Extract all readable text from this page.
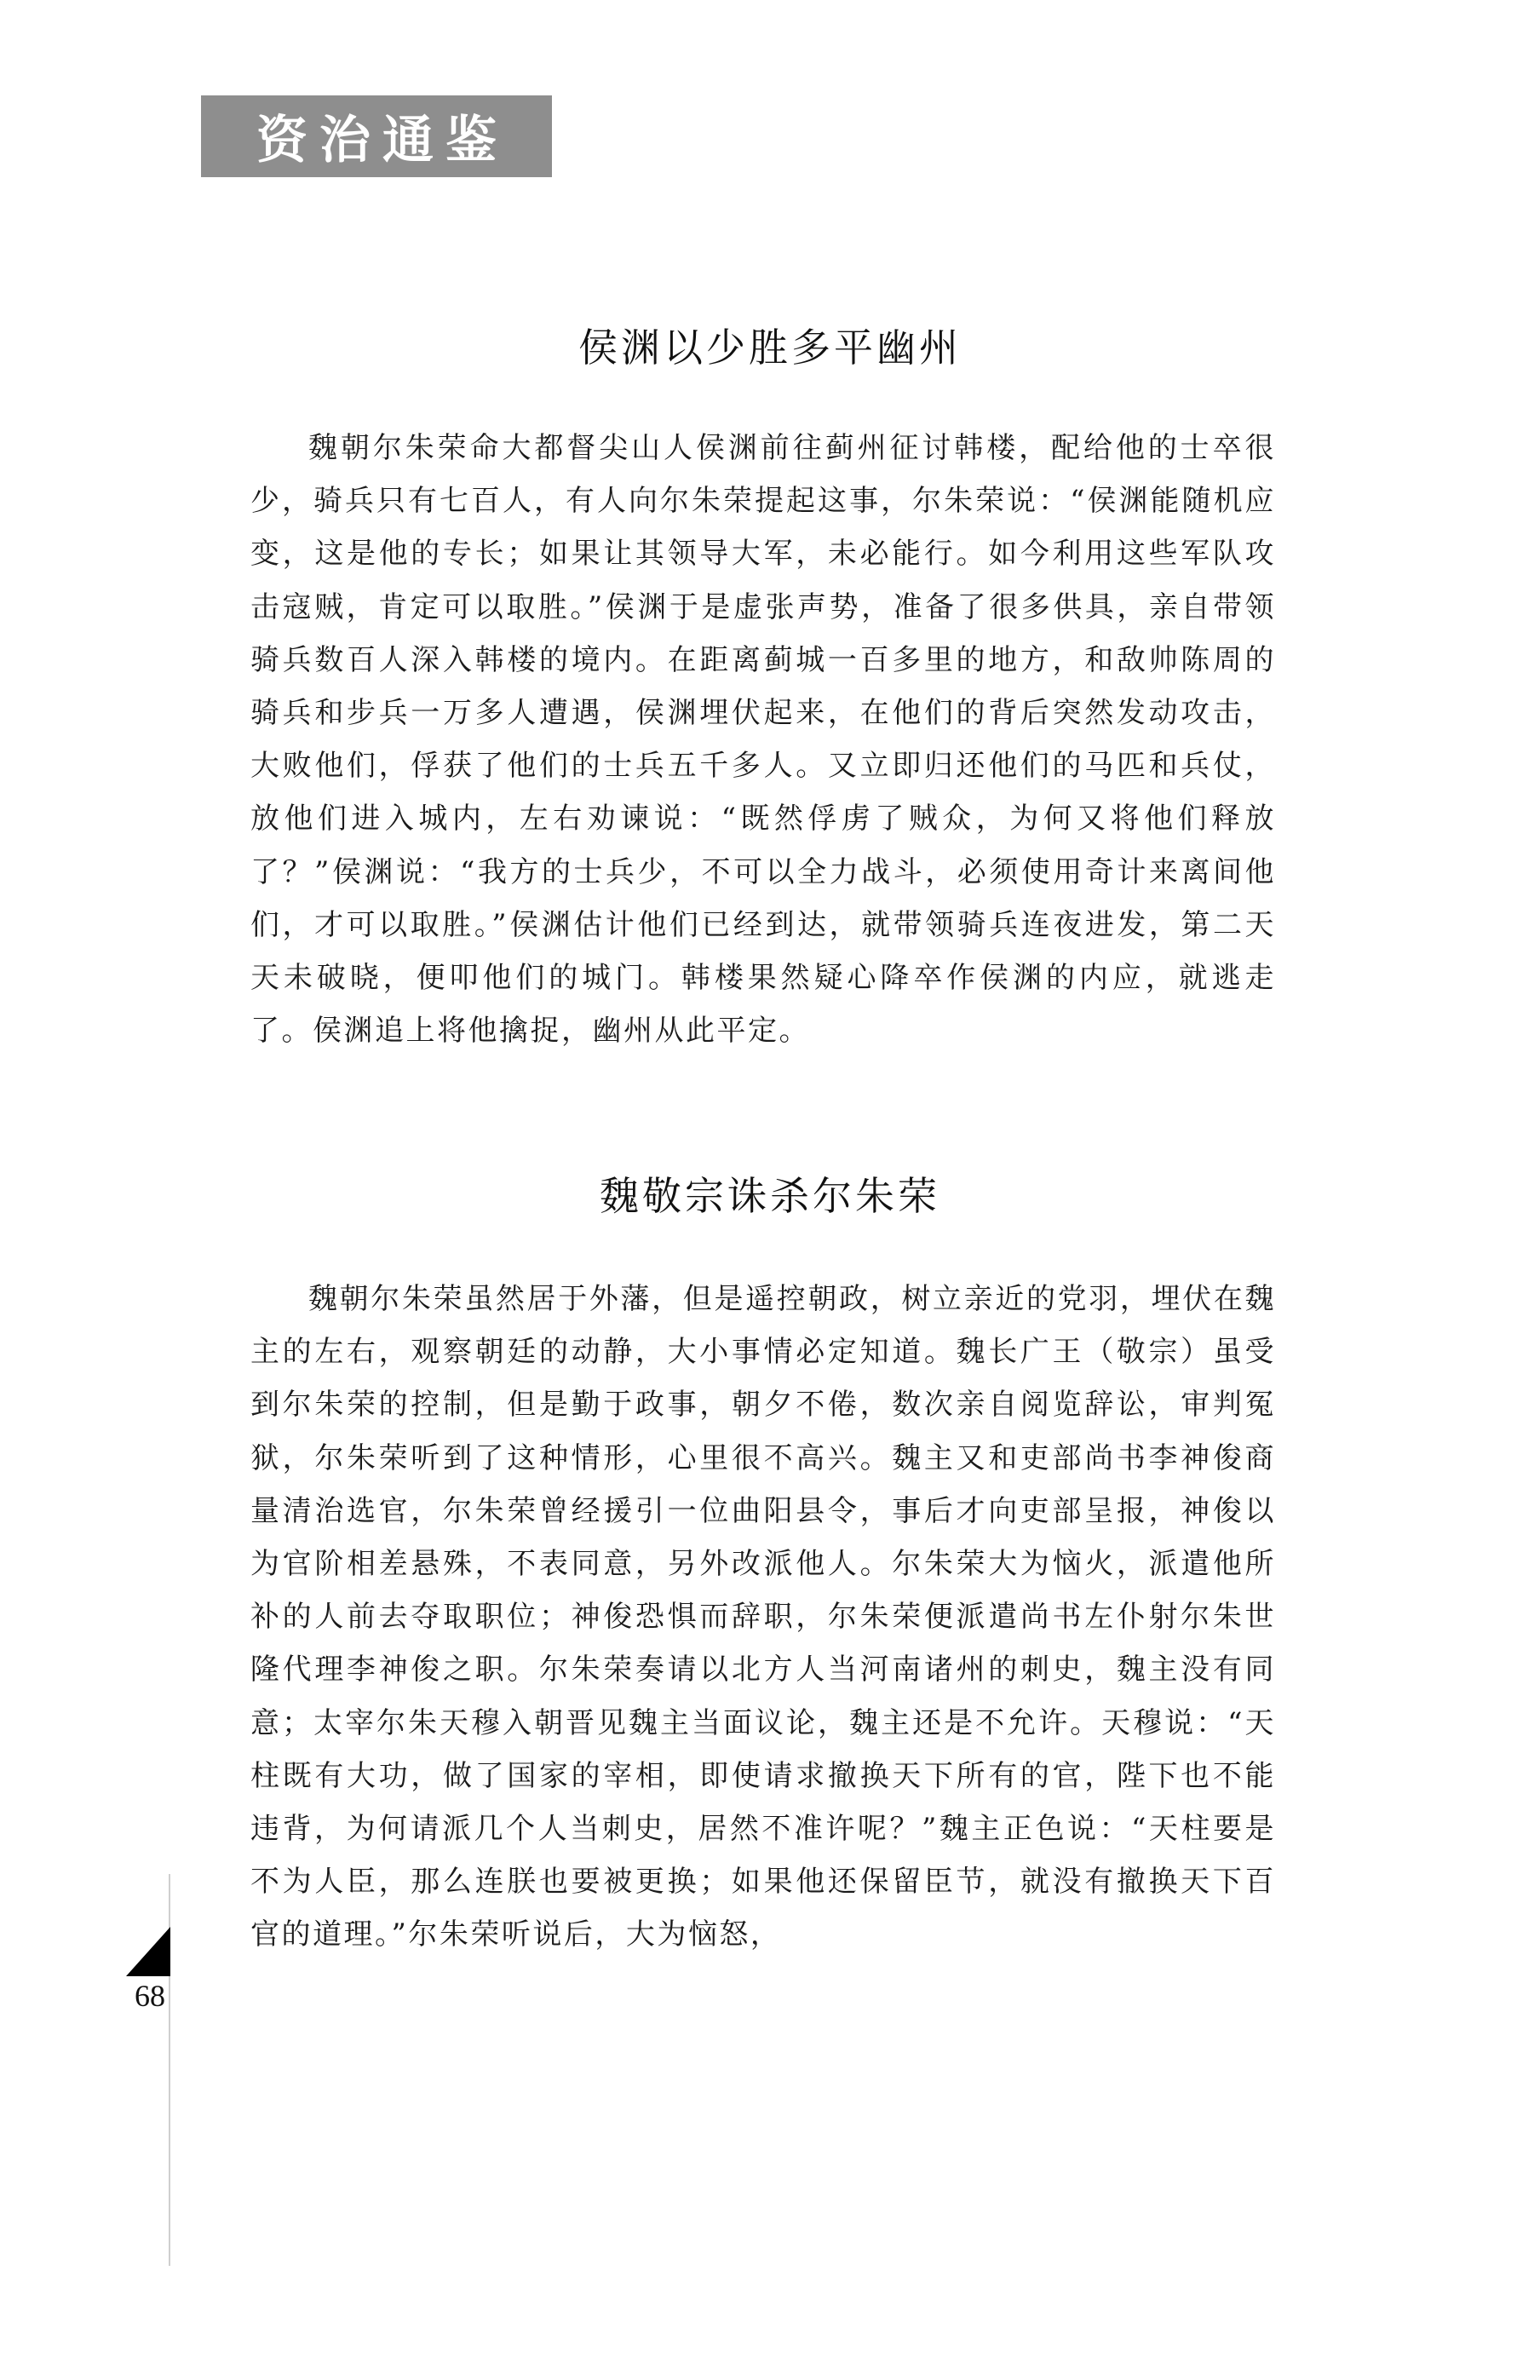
资治通鉴
侯渊以少胜多平幽州

魏朝尔朱荣命大都督尖山人侯渊前往蓟州征讨韩楼，配给他的士卒很少，骑兵只有七百人，有人向尔朱荣提起这事，尔朱荣说：“侯渊能随机应变，这是他的专长；如果让其领导大军，未必能行。如今利用这些军队攻击寇贼，肯定可以取胜。”侯渊于是虚张声势，准备了很多供具，亲自带领骑兵数百人深入韩楼的境内。在距离蓟城一百多里的地方，和敌帅陈周的骑兵和步兵一万多人遭遇，侯渊埋伏起来，在他们的背后突然发动攻击，大败他们，俘获了他们的士兵五千多人。又立即归还他们的马匹和兵仗，放他们进入城内，左右劝谏说：“既然俘虏了贼众，为何又将他们释放了？”侯渊说：“我方的士兵少，不可以全力战斗，必须使用奇计来离间他们，才可以取胜。”侯渊估计他们已经到达，就带领骑兵连夜进发，第二天天未破晓，便叩他们的城门。韩楼果然疑心降卒作侯渊的内应，就逃走了。侯渊追上将他擒捉，幽州从此平定。

魏敬宗诛杀尔朱荣

魏朝尔朱荣虽然居于外藩，但是遥控朝政，树立亲近的党羽，埋伏在魏主的左右，观察朝廷的动静，大小事情必定知道。魏长广王（敬宗）虽受到尔朱荣的控制，但是勤于政事，朝夕不倦，数次亲自阅览辞讼，审判冤狱，尔朱荣听到了这种情形，心里很不高兴。魏主又和吏部尚书李神俊商量清治选官，尔朱荣曾经援引一位曲阳县令，事后才向吏部呈报，神俊以为官阶相差悬殊，不表同意，另外改派他人。尔朱荣大为恼火，派遣他所补的人前去夺取职位；神俊恐惧而辞职，尔朱荣便派遣尚书左仆射尔朱世隆代理李神俊之职。尔朱荣奏请以北方人当河南诸州的刺史，魏主没有同意；太宰尔朱天穆入朝晋见魏主当面议论，魏主还是不允许。天穆说：“天柱既有大功，做了国家的宰相，即使请求撤换天下所有的官，陛下也不能违背，为何请派几个人当刺史，居然不准许呢？”魏主正色说：“天柱要是不为人臣，那么连朕也要被更换；如果他还保留臣节，就没有撤换天下百官的道理。”尔朱荣听说后，大为恼怒，

68
